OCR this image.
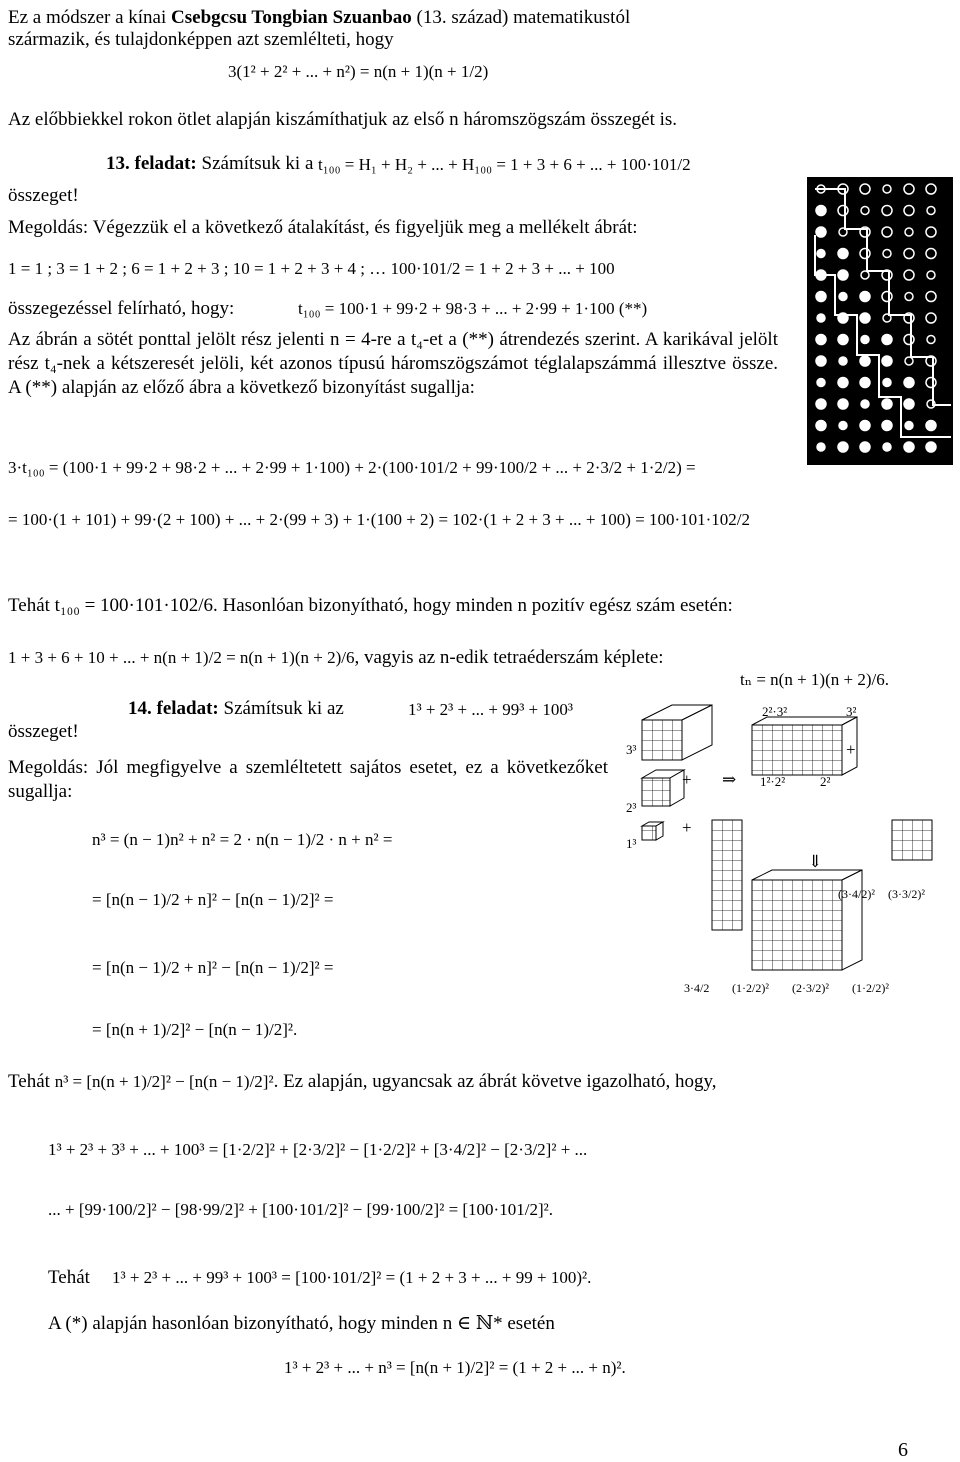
Ez a módszer a kínai Csebgcsu Tongbian Szuanbao (13. század) matematikustól
származik, és tulajdonképpen azt szemlélteti, hogy
3(1² + 2² + ... + n²) = n(n + 1)(n + 1/2)
Az előbbiekkel rokon ötlet alapján kiszámíthatjuk az első n háromszögszám összegét is.
13. feladat: Számítsuk ki a t₁₀₀ = H₁ + H₂ + ... + H₁₀₀ = 1 + 3 + 6 + ... + 100·101/2
összeget!
Megoldás: Végezzük el a következő átalakítást, és figyeljük meg a mellékelt ábrát:
1 = 1 ; 3 = 1 + 2 ; 6 = 1 + 2 + 3 ; 10 = 1 + 2 + 3 + 4 ; … 100·101/2 = 1 + 2 + 3 + ... + 100
összegezéssel felírható, hogy:	t₁₀₀ = 100·1 + 99·2 + 98·3 + ... + 2·99 + 1·100 (**)
Az ábrán a sötét ponttal jelölt rész jelenti n = 4-re a t₄-et a (**) átrendezés szerint. A karikával jelölt rész t₄-nek a kétszeresét jelöli, két azonos típusú háromszögszámot téglalapszámmá illesztve össze. A (**) alapján az előző ábra a következő bizonyítást sugallja:
3·t₁₀₀ = (100·1 + 99·2 + 98·2 + ... + 2·99 + 1·100) + 2·(100·101/2 + 99·100/2 + ... + 2·3/2 + 1·2/2) =
= 100·(1 + 101) + 99·(2 + 100) + ... + 2·(99 + 3) + 1·(100 + 2) = 102·(1 + 2 + 3 + ... + 100) = 100·101·102/2
Tehát t₁₀₀ = 100·101·102/6. Hasonlóan bizonyítható, hogy minden n pozitív egész szám esetén:
1 + 3 + 6 + 10 + ... + n(n + 1)/2 = n(n + 1)(n + 2)/6, vagyis az n-edik tetraéderszám képlete:
tₙ = n(n + 1)(n + 2)/6.
14. feladat: Számítsuk ki az	1³ + 2³ + ... + 99³ + 100³
összeget!
Megoldás: Jól megfigyelve a szemléltetett sajátos esetet, ez a következőket sugallja:
n³ = (n − 1)n² + n² = 2 · n(n − 1)/2 · n + n² =
= [n(n − 1)/2 + n]² − [n(n − 1)/2]² =
= [n(n − 1)/2 + n]² − [n(n − 1)/2]² =
= [n(n + 1)/2]² − [n(n − 1)/2]².
Tehát n³ = [n(n + 1)/2]² − [n(n − 1)/2]². Ez alapján, ugyancsak az ábrát követve igazolható, hogy,
1³ + 2³ + 3³ + ... + 100³ = [1·2/2]² + [2·3/2]² − [1·2/2]² + [3·4/2]² − [2·3/2]² + ...
... + [99·100/2]² − [98·99/2]² + [100·101/2]² − [99·100/2]² = [100·101/2]².
Tehát 1³ + 2³ + ... + 99³ + 100³ = [100·101/2]² = (1 + 2 + 3 + ... + 99 + 100)².
A (*) alapján hasonlóan bizonyítható, hogy minden n ∈ ℕ* esetén
1³ + 2³ + ... + n³ = [n(n + 1)/2]² = (1 + 2 + ... + n)².
2²·3²	3²
3³	+
+ ⇒ 1²·2²	2²
2³
+
1³
⇓
(3·4/2)² (3·3/2)²
3·4/2 (1·2/2)² (2·3/2)² (1·2/2)²
6
